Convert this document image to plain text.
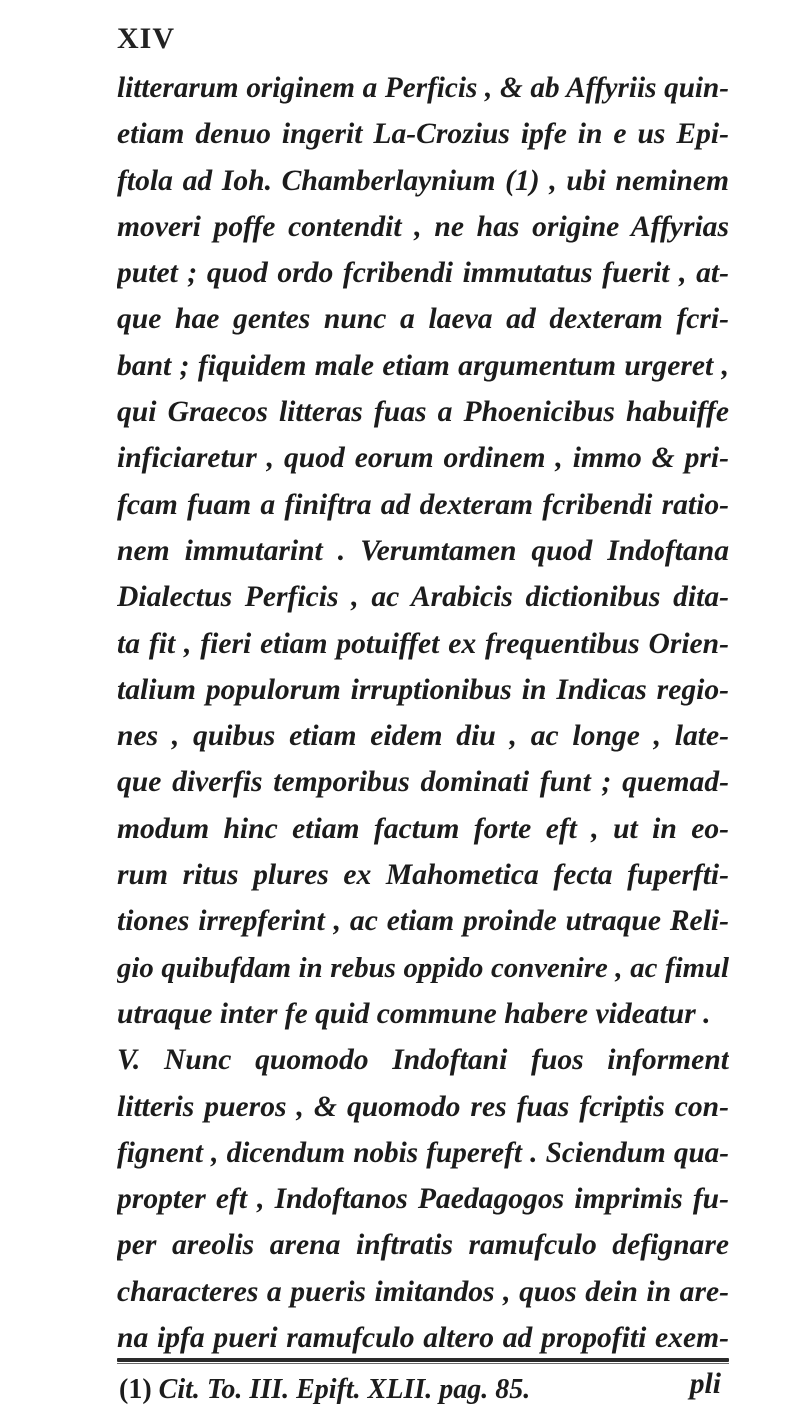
XIV
litterarum originem a Perficis , & ab Affyriis quin-
etiam denuo ingerit La-Crozius ipfe in e us Epi-
ftola ad Ioh. Chamberlaynium (1) , ubi neminem
moveri poffe contendit , ne has origine Affyrias
putet ; quod ordo fcribendi immutatus fuerit , at-
que hae gentes nunc a laeva ad dexteram fcri-
bant ; fiquidem male etiam argumentum urgeret ,
qui Graecos litteras fuas a Phoenicibus habuiffe
inficiaretur , quod eorum ordinem , immo & pri-
fcam fuam a finiftra ad dexteram fcribendi ratio-
nem immutarint . Verumtamen quod Indoftana
Dialectus Perficis , ac Arabicis dictionibus dita-
ta fit , fieri etiam potuiffet ex frequentibus Orien-
talium populorum irruptionibus in Indicas regio-
nes , quibus etiam eidem diu , ac longe , late-
que diverfis temporibus dominati funt ; quemad-
modum hinc etiam factum forte eft , ut in eo-
rum ritus plures ex Mahometica fecta fuperfti-
tiones irrepferint , ac etiam proinde utraque Reli-
gio quibufdam in rebus oppido convenire , ac fimul
utraque inter fe quid commune habere videatur .
V. Nunc quomodo Indoftani fuos informent
litteris pueros , & quomodo res fuas fcriptis con-
fignent , dicendum nobis fupereft . Sciendum qua-
propter eft , Indoftanos Paedagogos imprimis fu-
per areolis arena inftratis ramufculo defignare
characteres a pueris imitandos , quos dein in are-
na ipfa pueri ramufculo altero ad propofiti exem-
pli
(1) Cit. To. III. Epift. XLII. pag. 85.
